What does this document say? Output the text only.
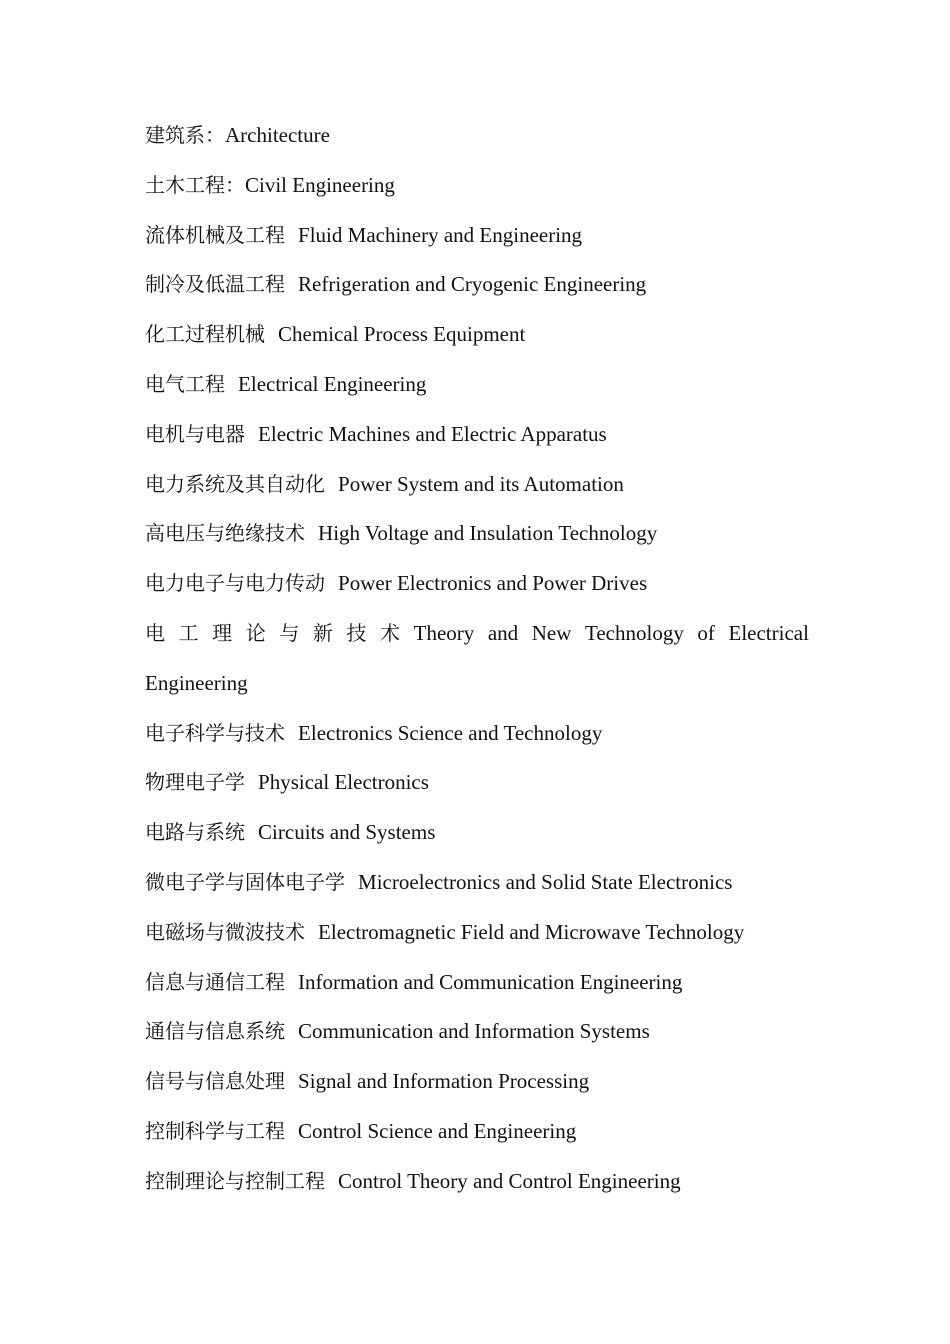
建筑系：Architecture
土木工程：Civil Engineering
流体机械及工程 Fluid Machinery and Engineering
制冷及低温工程 Refrigeration and Cryogenic Engineering
化工过程机械 Chemical Process Equipment
电气工程 Electrical Engineering
电机与电器 Electric Machines and Electric Apparatus
电力系统及其自动化 Power System and its Automation
高电压与绝缘技术 High Voltage and Insulation Technology
电力电子与电力传动 Power Electronics and Power Drives
电 工 理 论 与 新 技 术 Theory and New Technology of Electrical
Engineering
电子科学与技术 Electronics Science and Technology
物理电子学 Physical Electronics
电路与系统 Circuits and Systems
微电子学与固体电子学 Microelectronics and Solid State Electronics
电磁场与微波技术 Electromagnetic Field and Microwave Technology
信息与通信工程 Information and Communication Engineering
通信与信息系统 Communication and Information Systems
信号与信息处理 Signal and Information Processing
控制科学与工程 Control Science and Engineering
控制理论与控制工程 Control Theory and Control Engineering
